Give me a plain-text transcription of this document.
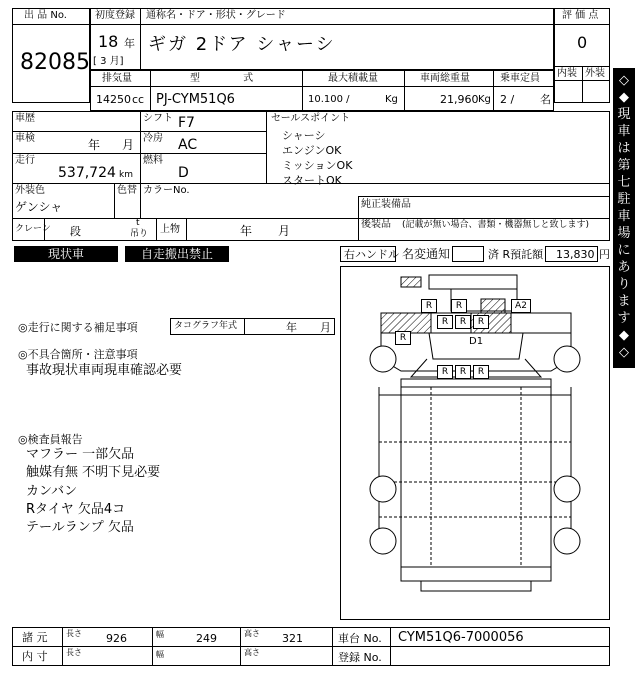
出 品 No.
82085
初度登録 通称名・ドア・形状・グレード
18 年
[ 3 月]
ギガ 2ドア シャーシ
評 価 点
0
内装 外装
排気量	型 式	最大積載量	車両総重量	乗車定員
14250 cc PJ-CYM51Q6	10.100 /	Kg	21,960 Kg 2 / 名
車歴
車検	年 月
走行
537,724 km
シフト F7
冷房 AC
燃料
D
セールスポイント
シャーシ
エンジンOK
ミッションOK
スタートOK
外装色
ゲンシャ
色替 カラーNo.
純正装備品
後装品 (記載が無い場合、書類・機器無しと致します)
クレーン 段
t
吊り 上物	年 月
現状車	自走搬出禁止	右ハンドル 名変通知	済 R預託額 13,830 円
◇
◆
現
車
は
第
七
駐
車
場
に
あ
り
ま
す
◆
◇
◎走行に関する補足事項	タコグラフ年式	年 月
◎不具合箇所・注意事項
事故現状車両現車確認必要
◎検査員報告
マフラー 一部欠品
触媒有無 不明下見必要
カンバン
Rタイヤ 欠品4コ
テールランプ 欠品
R	R
R	R	R
R
R	R	R
A2
D1
諸 元 長さ 926	幅	249	高さ 321	車台 No. CYM51Q6-7000056
内 寸 長さ	幅	高さ	登録 No.
